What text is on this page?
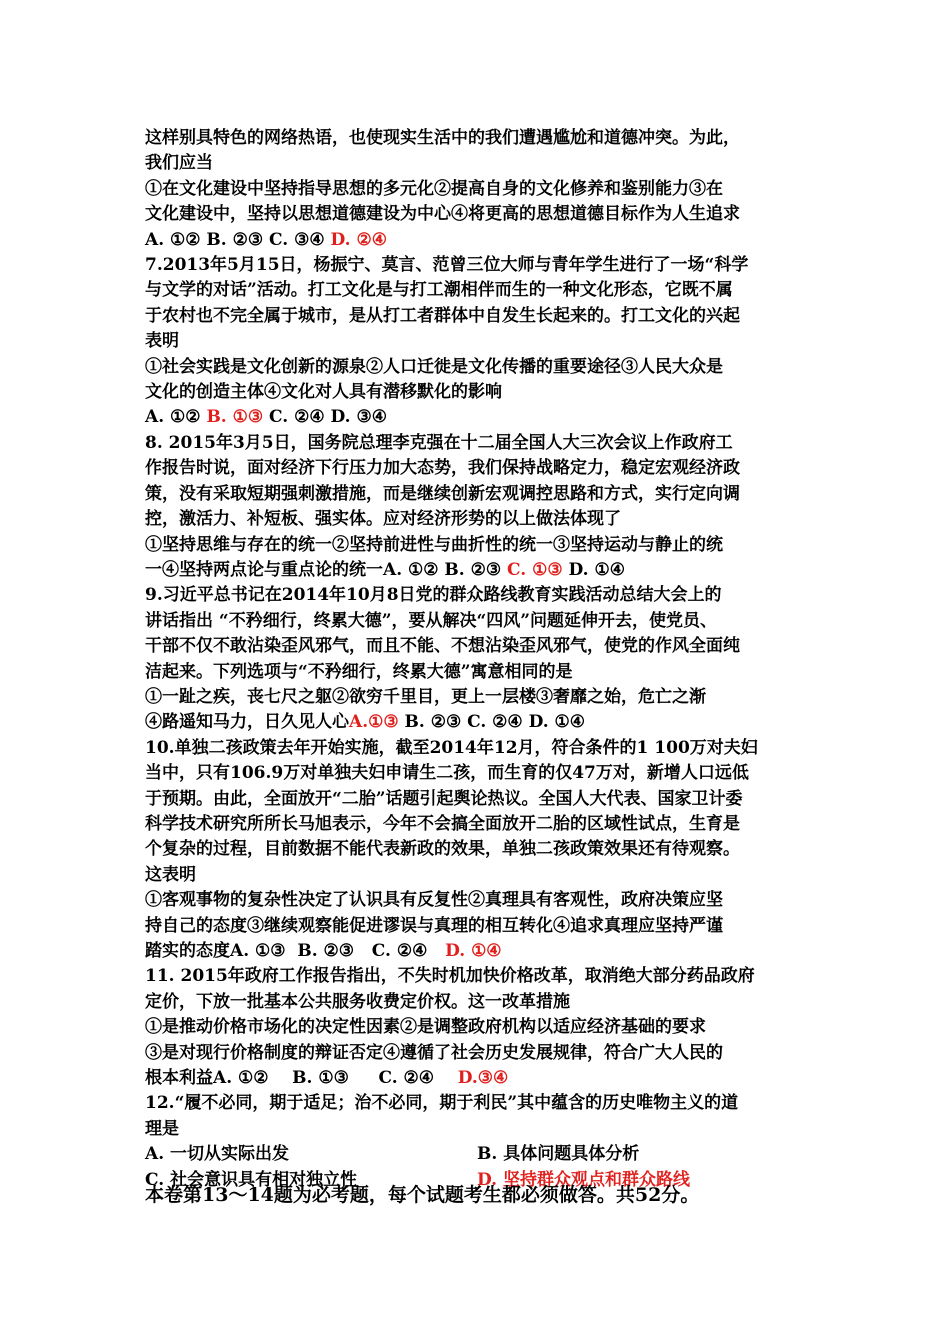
这样别具特色的网络热语，也使现实生活中的我们遭遇尴尬和道德冲突。为此，

我们应当

①在文化建设中坚持指导思想的多元化②提高自身的文化修养和鉴别能力③在

文化建设中，坚持以思想道德建设为中心④将更高的思想道德目标作为人生追求

A. ①② B. ②③ C. ③④ D. ②④

7.2013年5月15日，杨振宁、莫言、范曾三位大师与青年学生进行了一场“科学

与文学的对话”活动。打工文化是与打工潮相伴而生的一种文化形态，它既不属

于农村也不完全属于城市，是从打工者群体中自发生长起来的。打工文化的兴起

表明

①社会实践是文化创新的源泉②人口迁徙是文化传播的重要途径③人民大众是

文化的创造主体④文化对人具有潜移默化的影响

A. ①② B. ①③ C. ②④ D. ③④

8. 2015年3月5日，国务院总理李克强在十二届全国人大三次会议上作政府工

作报告时说，面对经济下行压力加大态势，我们保持战略定力，稳定宏观经济政

策，没有采取短期强刺激措施，而是继续创新宏观调控思路和方式，实行定向调

控，激活力、补短板、强实体。应对经济形势的以上做法体现了

①坚持思维与存在的统一②坚持前进性与曲折性的统一③坚持运动与静止的统

一④坚持两点论与重点论的统一A. ①② B. ②③ C. ①③ D. ①④

9.习近平总书记在2014年10月8日党的群众路线教育实践活动总结大会上的

讲话指出 “不矜细行，终累大德”，要从解决“四风”问题延伸开去，使党员、

干部不仅不敢沾染歪风邪气，而且不能、不想沾染歪风邪气，使党的作风全面纯

洁起来。下列选项与“不矜细行，终累大德”寓意相同的是

①一趾之疾，丧七尺之躯②欲穷千里目，更上一层楼③奢靡之始，危亡之渐

④路遥知马力，日久见人心A.①③ B. ②③ C. ②④ D. ①④

10.单独二孩政策去年开始实施，截至2014年12月，符合条件的1 100万对夫妇

当中，只有106.9万对单独夫妇申请生二孩，而生育的仅47万对，新增人口远低

于预期。由此，全面放开“二胎”话题引起舆论热议。全国人大代表、国家卫计委

科学技术研究所所长马旭表示，今年不会搞全面放开二胎的区域性试点，生育是

个复杂的过程，目前数据不能代表新政的效果，单独二孩政策效果还有待观察。

这表明

①客观事物的复杂性决定了认识具有反复性②真理具有客观性，政府决策应坚

持自己的态度③继续观察能促进谬误与真理的相互转化④追求真理应坚持严谨

踏实的态度A. ①③  B. ②③   C. ②④   D. ①④

11. 2015年政府工作报告指出，不失时机加快价格改革，取消绝大部分药品政府

定价，下放一批基本公共服务收费定价权。这一改革措施

①是推动价格市场化的决定性因素②是调整政府机构以适应经济基础的要求

③是对现行价格制度的辩证否定④遵循了社会历史发展规律，符合广大人民的

根本利益A. ①②    B. ①③     C. ②④    D.③④

12.“履不必同，期于适足；治不必同，期于利民”其中蕴含的历史唯物主义的道

理是

A. 一切从实际出发	B. 具体问题具体分析

C. 社会意识具有相对独立性	D. 坚持群众观点和群众路线

本卷第13～14题为必考题，每个试题考生都必须做答。共52分。
